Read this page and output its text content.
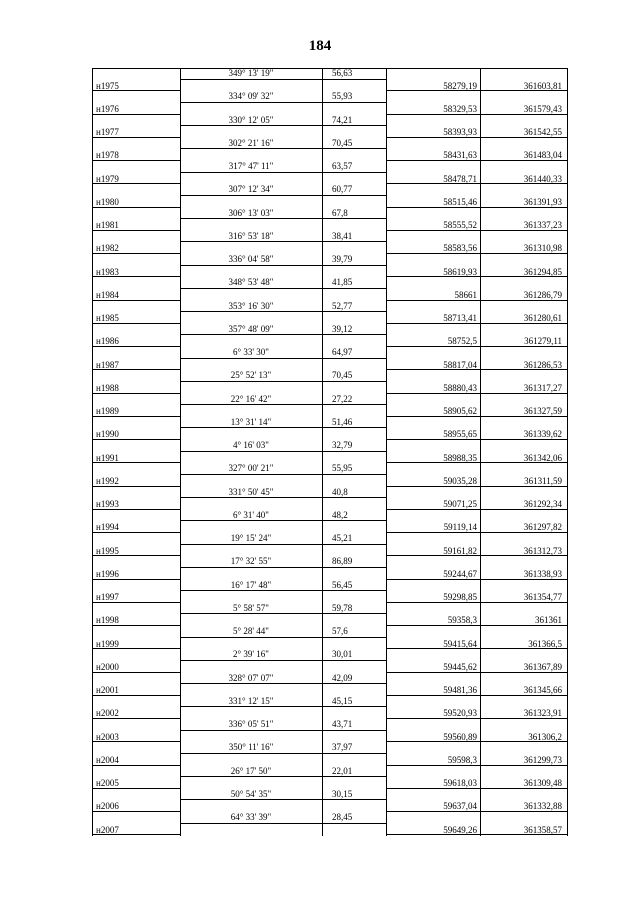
184
349° 13' 19"	56,63
н1975	58279,19	361603,81
334° 09' 32"	55,93
н1976	58329,53	361579,43
330° 12' 05"	74,21
н1977	58393,93	361542,55
302° 21' 16"	70,45
н1978	58431,63	361483,04
317° 47' 11"	63,57
н1979	58478,71	361440,33
307° 12' 34"	60,77
н1980	58515,46	361391,93
306° 13' 03"	67,8
н1981	58555,52	361337,23
316° 53' 18"	38,41
н1982	58583,56	361310,98
336° 04' 58"	39,79
н1983	58619,93	361294,85
348° 53' 48"	41,85
н1984	58661	361286,79
353° 16' 30"	52,77
н1985	58713,41	361280,61
357° 48' 09"	39,12
н1986	58752,5	361279,11
6° 33' 30"	64,97
н1987	58817,04	361286,53
25° 52' 13"	70,45
н1988	58880,43	361317,27
22° 16' 42"	27,22
н1989	58905,62	361327,59
13° 31' 14"	51,46
н1990	58955,65	361339,62
4° 16' 03"	32,79
н1991	58988,35	361342,06
327° 00' 21"	55,95
н1992	59035,28	361311,59
331° 50' 45"	40,8
н1993	59071,25	361292,34
6° 31' 40"	48,2
н1994	59119,14	361297,82
19° 15' 24"	45,21
н1995	59161,82	361312,73
17° 32' 55"	86,89
н1996	59244,67	361338,93
16° 17' 48"	56,45
н1997	59298,85	361354,77
5° 58' 57"	59,78
н1998	59358,3	361361
5° 28' 44"	57,6
н1999	59415,64	361366,5
2° 39' 16"	30,01
н2000	59445,62	361367,89
328° 07' 07"	42,09
н2001	59481,36	361345,66
331° 12' 15"	45,15
н2002	59520,93	361323,91
336° 05' 51"	43,71
н2003	59560,89	361306,2
350° 11' 16"	37,97
н2004	59598,3	361299,73
26° 17' 50"	22,01
н2005	59618,03	361309,48
50° 54' 35"	30,15
н2006	59637,04	361332,88
64° 33' 39"	28,45
н2007	59649,26	361358,57
